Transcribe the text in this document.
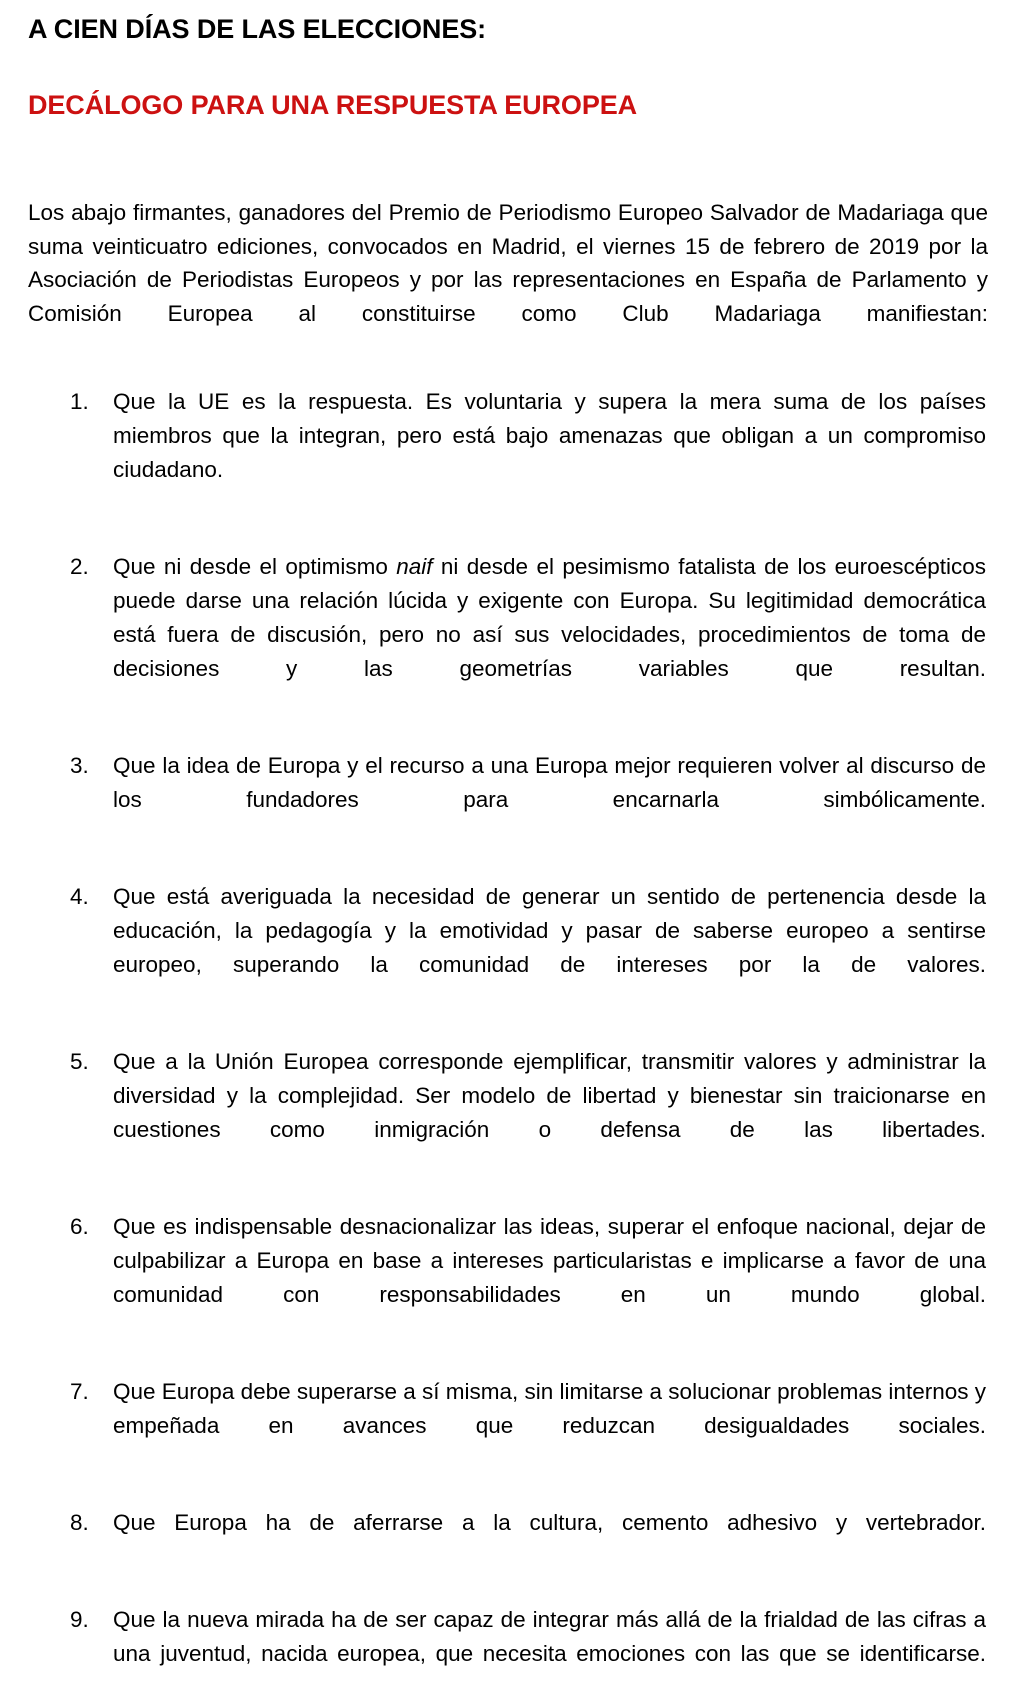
A CIEN DÍAS DE LAS ELECCIONES:
DECÁLOGO PARA UNA RESPUESTA EUROPEA

Los abajo firmantes, ganadores del Premio de Periodismo Europeo Salvador de Madariaga que suma veinticuatro ediciones, convocados en Madrid, el viernes 15 de febrero de 2019 por la Asociación de Periodistas Europeos y por las representaciones en España de Parlamento y Comisión Europea al constituirse como Club Madariaga manifiestan:

1.	Que la UE es la respuesta. Es voluntaria y supera la mera suma de los países miembros que la integran, pero está bajo amenazas que obligan a un compromiso ciudadano.
2.	Que ni desde el optimismo naif ni desde el pesimismo fatalista de los euroescépticos puede darse una relación lúcida y exigente con Europa. Su legitimidad democrática está fuera de discusión, pero no así sus velocidades, procedimientos de toma de decisiones y las geometrías variables que resultan.
3.	Que la idea de Europa y el recurso a una Europa mejor requieren volver al discurso de los fundadores para encarnarla simbólicamente.
4.	Que está averiguada la necesidad de generar un sentido de pertenencia desde la educación, la pedagogía y la emotividad y pasar de saberse europeo a sentirse europeo, superando la comunidad de intereses por la de valores.
5.	Que a la Unión Europea corresponde ejemplificar, transmitir valores y administrar la diversidad y la complejidad. Ser modelo de libertad y bienestar sin traicionarse en cuestiones como inmigración o defensa de las libertades.
6.	Que es indispensable desnacionalizar las ideas, superar el enfoque nacional, dejar de culpabilizar a Europa en base a intereses particularistas e implicarse a favor de una comunidad con responsabilidades en un mundo global.
7.	Que Europa debe superarse a sí misma, sin limitarse a solucionar problemas internos y empeñada en avances que reduzcan desigualdades sociales.
8.	Que Europa ha de aferrarse a la cultura, cemento adhesivo y vertebrador.
9.	Que la nueva mirada ha de ser capaz de integrar más allá de la frialdad de las cifras a una juventud, nacida europea, que necesita emociones con las que se identificarse.
